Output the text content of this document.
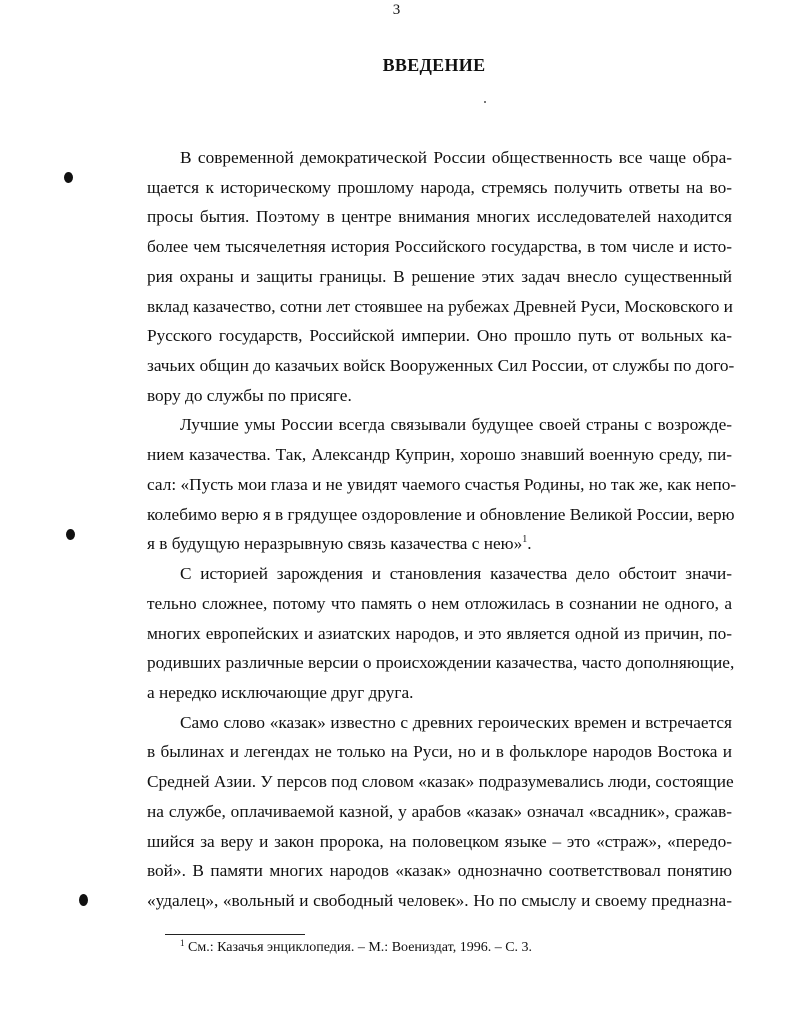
3
ВВЕДЕНИЕ
В современной демократической России общественность все чаще обра-
щается к историческому прошлому народа, стремясь получить ответы на во-
просы бытия. Поэтому в центре внимания многих исследователей находится
более чем тысячелетняя история Российского государства, в том числе и исто-
рия охраны и защиты границы. В решение этих задач внесло существенный
вклад казачество, сотни лет стоявшее на рубежах Древней Руси, Московского и
Русского государств, Российской империи. Оно прошло путь от вольных ка-
зачьих общин до казачьих войск Вооруженных Сил России, от службы по дого-
вору до службы по присяге.
Лучшие умы России всегда связывали будущее своей страны с возрожде-
нием казачества. Так, Александр Куприн, хорошо знавший военную среду, пи-
сал: «Пусть мои глаза и не увидят чаемого счастья Родины, но так же, как непо-
колебимо верю я в грядущее оздоровление и обновление Великой России, верю
я в будущую неразрывную связь казачества с нею»$^1$.
С историей зарождения и становления казачества дело обстоит значи-
тельно сложнее, потому что память о нем отложилась в сознании не одного, а
многих европейских и азиатских народов, и это является одной из причин, по-
родивших различные версии о происхождении казачества, часто дополняющие,
а нередко исключающие друг друга.
Само слово «казак» известно с древних героических времен и встречается
в былинах и легендах не только на Руси, но и в фольклоре народов Востока и
Средней Азии. У персов под словом «казак» подразумевались люди, состоящие
на службе, оплачиваемой казной, у арабов «казак» означал «всадник», сражав-
шийся за веру и закон пророка, на половецком языке – это «страж», «передо-
вой». В памяти многих народов «казак» однозначно соответствовал понятию
«удалец», «вольный и свободный человек». Но по смыслу и своему предназна-
$^1$ См.: Казачья энциклопедия. – М.: Воениздат, 1996. – С. 3.
